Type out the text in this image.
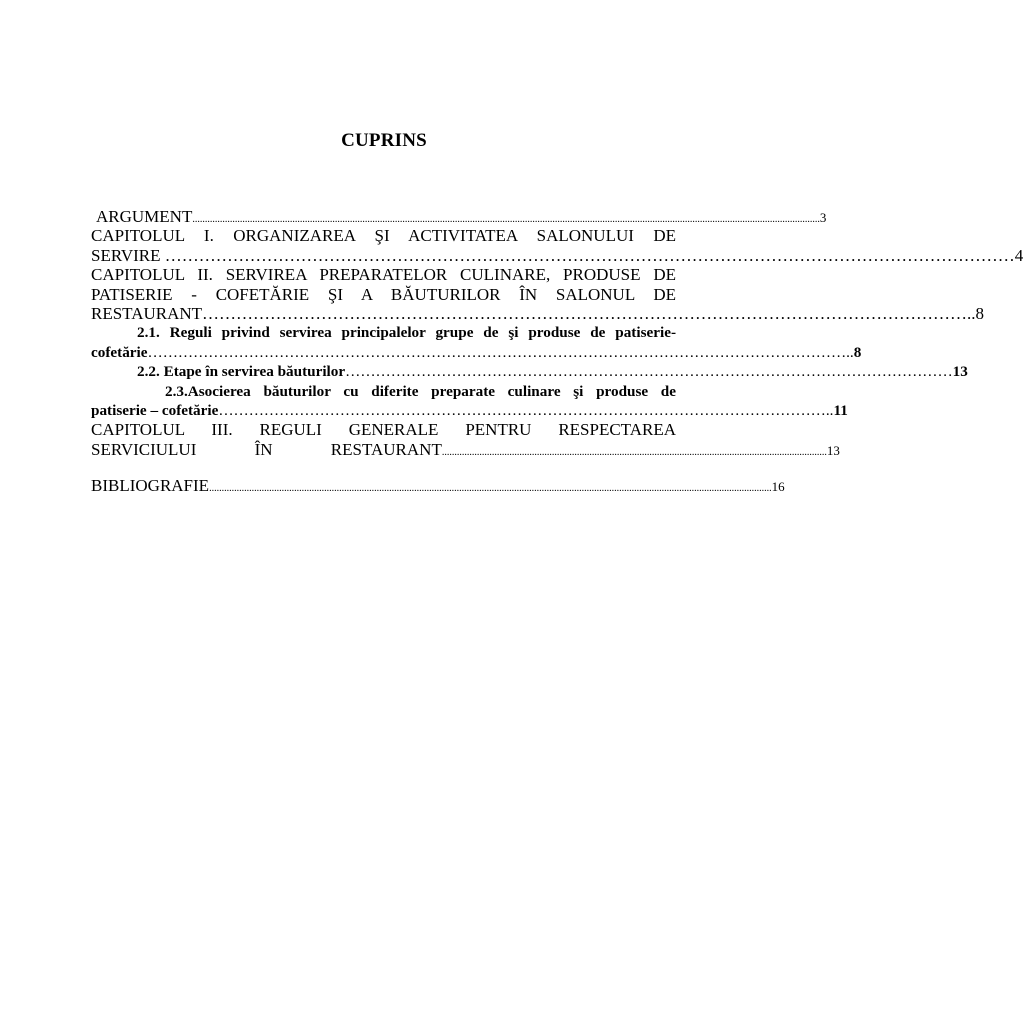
CUPRINS
ARGUMENT ........................................................................................................................................................................................................................................................... 3
CAPITOLUL I. ORGANIZAREA ŞI ACTIVITATEA SALONULUI DE
SERVIRE …………………………………………………………………………………………………………………………………… 4
CAPITOLUL II. SERVIREA PREPARATELOR CULINARE, PRODUSE DE
PATISERIE - COFETĂRIE ŞI A BĂUTURILOR ÎN SALONUL DE
RESTAURANT ……………………………………………………………………………………………………………………….. 8
2.1. Reguli privind servirea principalelor grupe de şi produse de patiserie-
cofetărie ………………………………………………………………………………………………………………………….. 8
2.2. Etape în servirea băuturilor ………………………………………………………………………………………………………… 13
2.3.Asocierea băuturilor cu diferite preparate culinare şi produse de
patiserie – cofetărie ………………………………………………………………………………………………………….. 11
CAPITOLUL III. REGULI GENERALE PENTRU RESPECTAREA
SERVICIULUI ÎN RESTAURANT .......................................................................................................................................................... 13
BIBLIOGRAFIE ................................................................................................................................................................................................................................. 16
